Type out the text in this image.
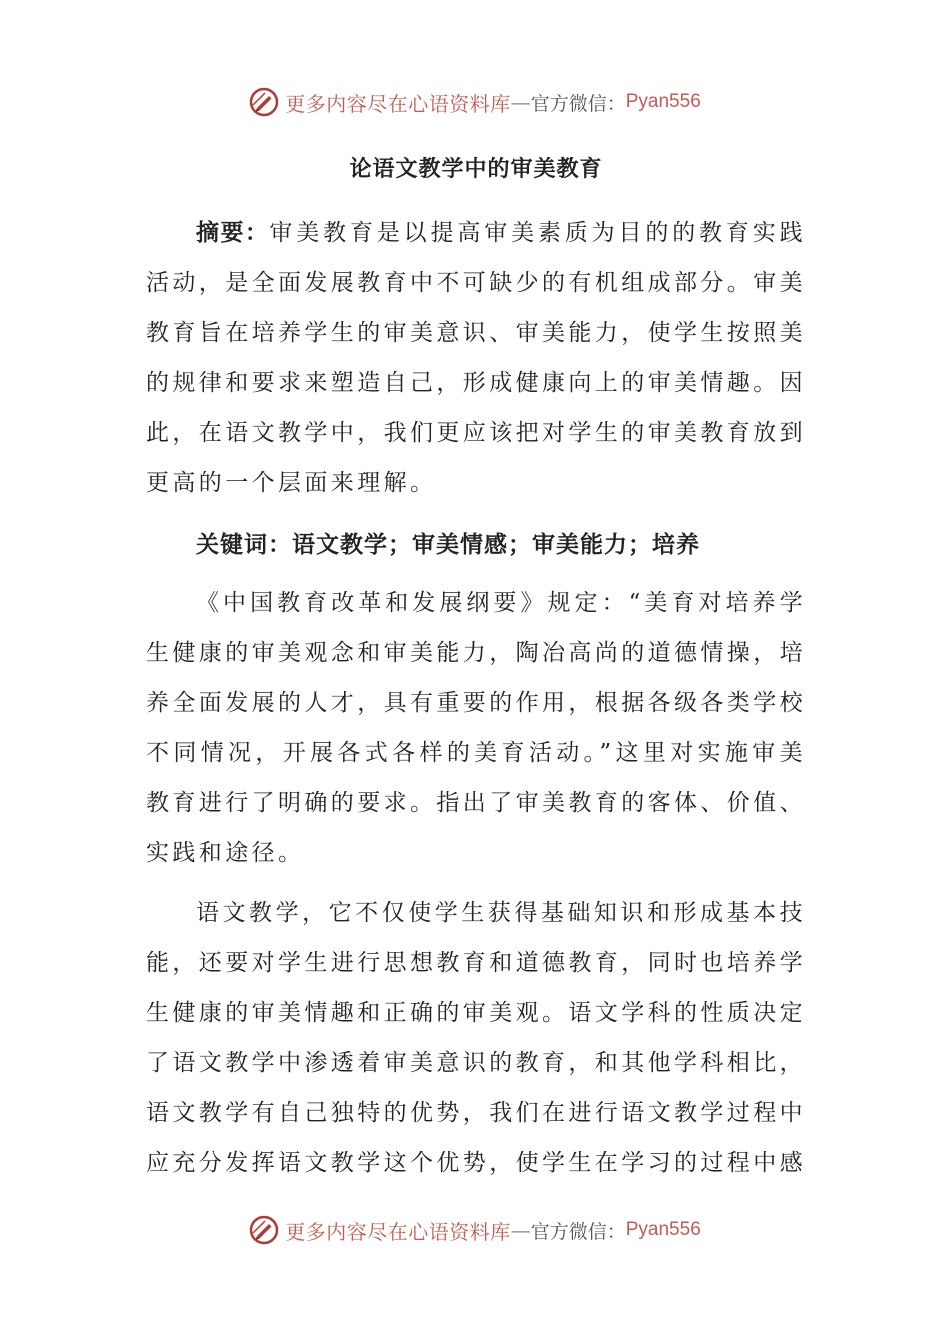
更多内容尽在心语资料库 — 官方微信： Pyan556
论语文教学中的审美教育

摘要：审美教育是以提高审美素质为目的的教育实践活动，是全面发展教育中不可缺少的有机组成部分。审美教育旨在培养学生的审美意识、审美能力，使学生按照美的规律和要求来塑造自己，形成健康向上的审美情趣。因此，在语文教学中，我们更应该把对学生的审美教育放到更高的一个层面来理解。

关键词：语文教学；审美情感；审美能力；培养

《中国教育改革和发展纲要》规定：“美育对培养学生健康的审美观念和审美能力，陶冶高尚的道德情操，培养全面发展的人才，具有重要的作用，根据各级各类学校不同情况，开展各式各样的美育活动。”这里对实施审美教育进行了明确的要求。指出了审美教育的客体、价值、实践和途径。

语文教学，它不仅使学生获得基础知识和形成基本技能，还要对学生进行思想教育和道德教育，同时也培养学生健康的审美情趣和正确的审美观。语文学科的性质决定了语文教学中渗透着审美意识的教育，和其他学科相比，语文教学有自己独特的优势，我们在进行语文教学过程中应充分发挥语文教学这个优势，使学生在学习的过程中感

更多内容尽在心语资料库 — 官方微信： Pyan556
